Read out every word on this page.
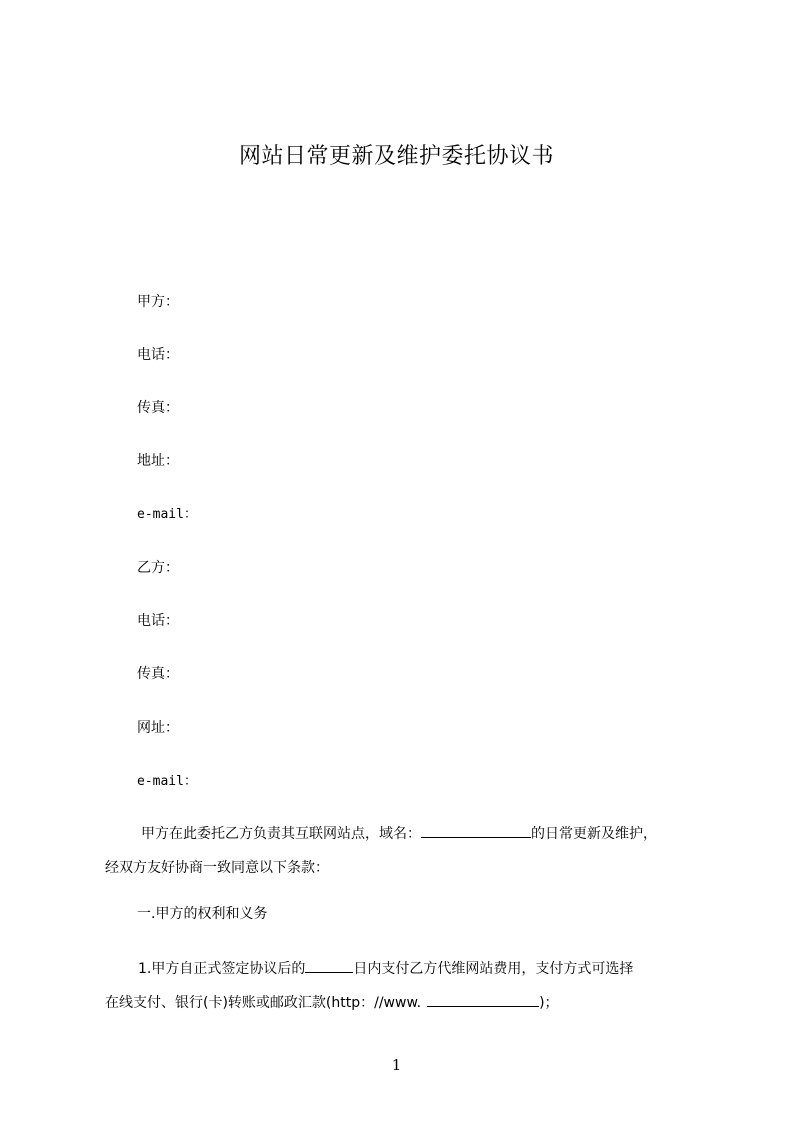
网站日常更新及维护委托协议书
甲方：
电话：
传真：
地址：
e-mail：
乙方：
电话：
传真：
网址：
e-mail：
甲方在此委托乙方负责其互联网站点，域名：	的日常更新及维护，
经双方友好协商一致同意以下条款：
一.甲方的权利和义务
1.甲方自正式签定协议后的	日内支付乙方代维网站费用，支付方式可选择
在线支付、银行(卡)转账或邮政汇款(http：//www.	)；
1
